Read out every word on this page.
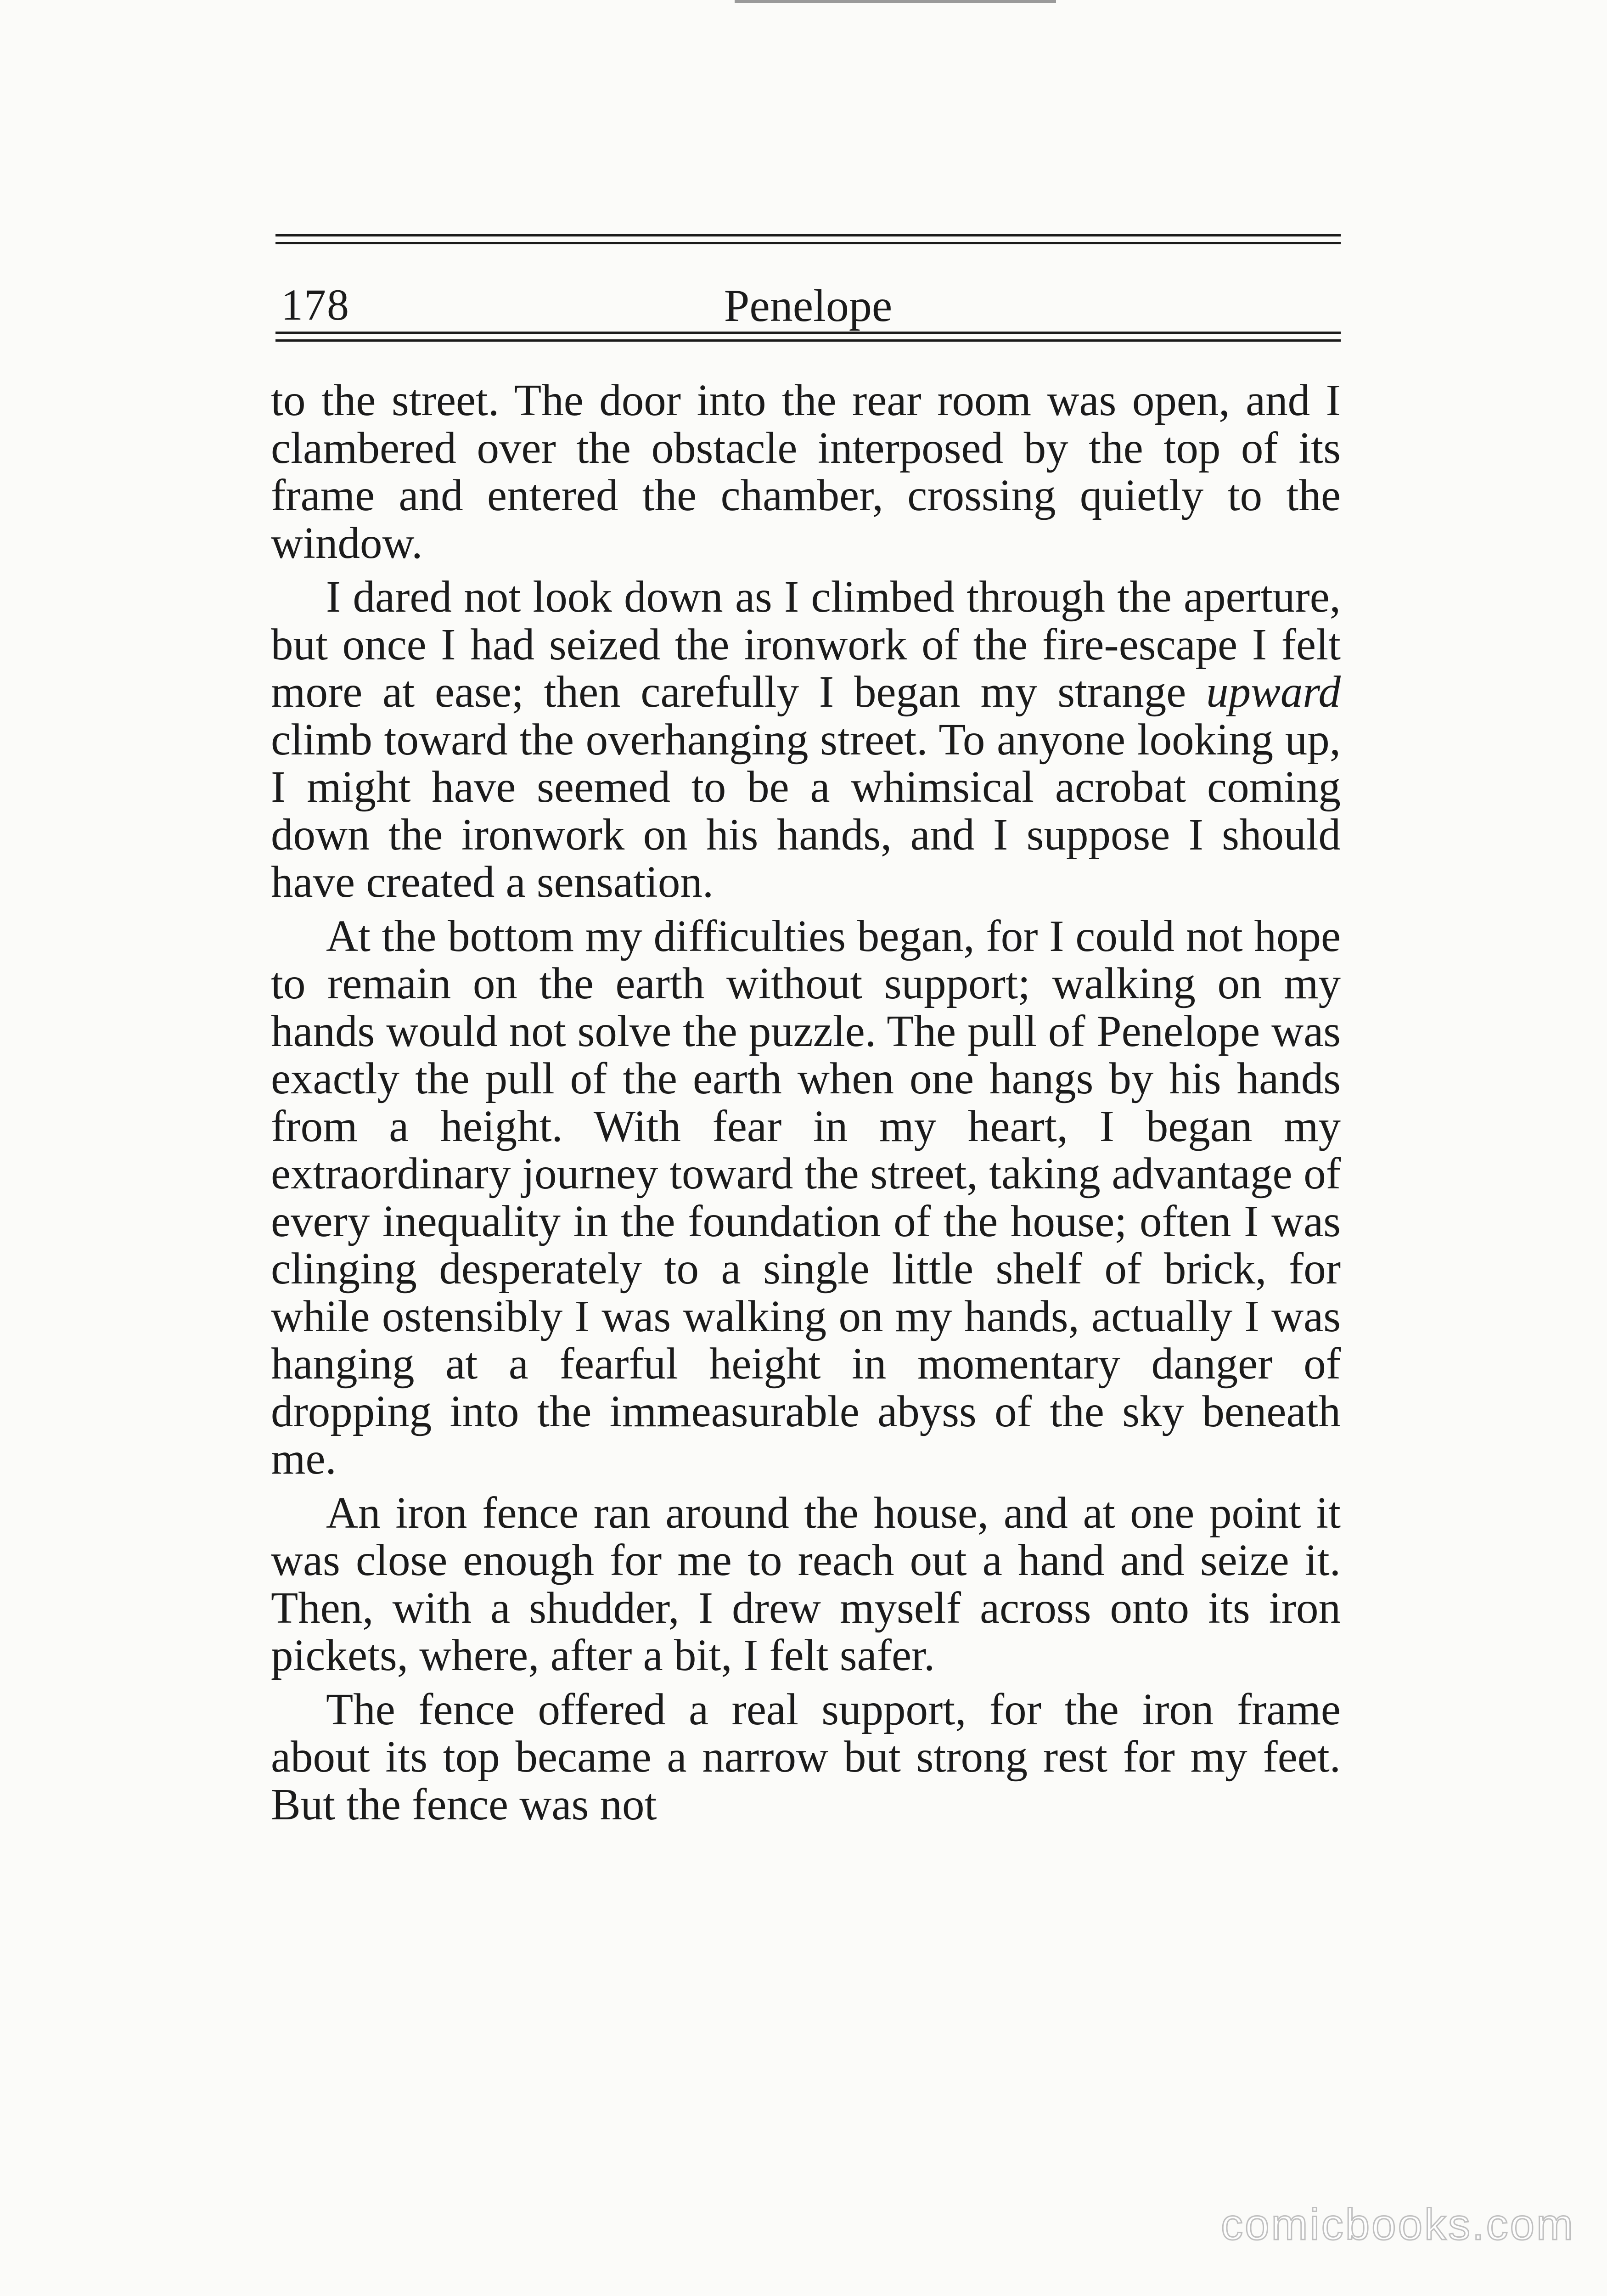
178	Penelope

to the street. The door into the rear room was open, and I clambered over the obstacle interposed by the top of its frame and entered the chamber, crossing quietly to the window.

I dared not look down as I climbed through the aperture, but once I had seized the ironwork of the fire-escape I felt more at ease; then carefully I began my strange upward climb toward the overhanging street. To anyone looking up, I might have seemed to be a whimsical acrobat coming down the ironwork on his hands, and I suppose I should have created a sensation.

At the bottom my difficulties began, for I could not hope to remain on the earth without support; walking on my hands would not solve the puzzle. The pull of Penelope was exactly the pull of the earth when one hangs by his hands from a height. With fear in my heart, I began my extraordinary journey toward the street, taking advantage of every inequality in the foundation of the house; often I was clinging desperately to a single little shelf of brick, for while ostensibly I was walking on my hands, actually I was hanging at a fearful height in momentary danger of dropping into the immeasurable abyss of the sky beneath me.

An iron fence ran around the house, and at one point it was close enough for me to reach out a hand and seize it. Then, with a shudder, I drew myself across onto its iron pickets, where, after a bit, I felt safer.

The fence offered a real support, for the iron frame about its top became a narrow but strong rest for my feet. But the fence was not

comicbooks.com
